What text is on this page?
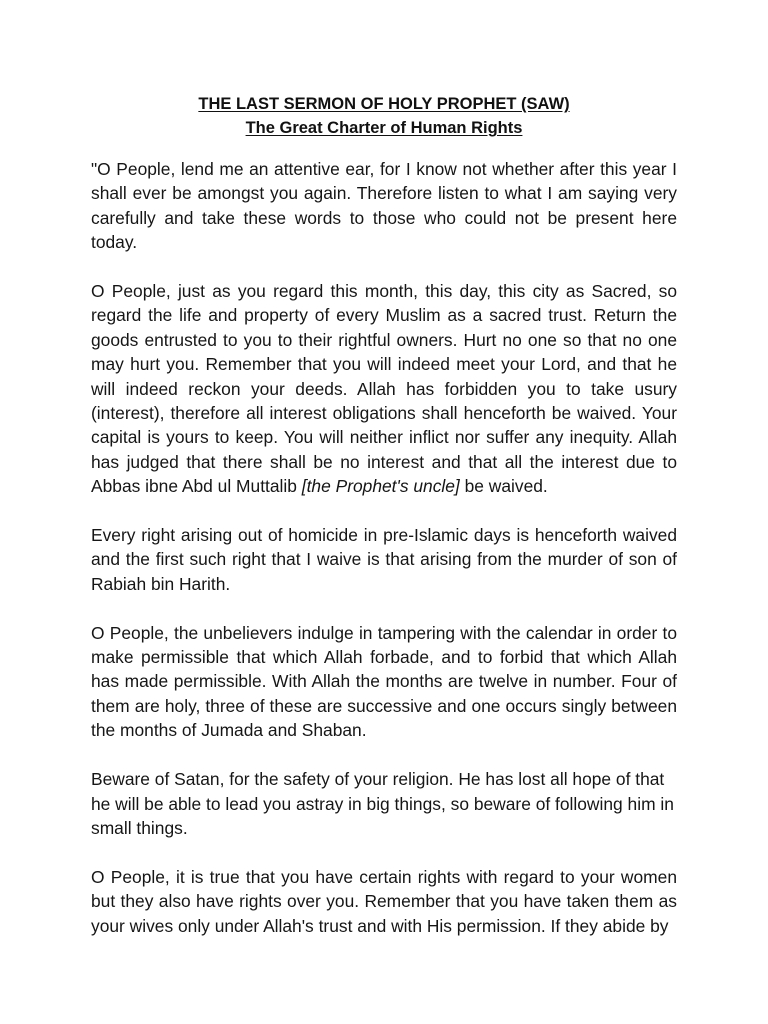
THE LAST SERMON OF HOLY PROPHET (SAW)
The Great Charter of Human Rights

"O People, lend me an attentive ear, for I know not whether after this year I shall ever be amongst you again. Therefore listen to what I am saying very carefully and take these words to those who could not be present here today.

O People, just as you regard this month, this day, this city as Sacred, so regard the life and property of every Muslim as a sacred trust. Return the goods entrusted to you to their rightful owners. Hurt no one so that no one may hurt you. Remember that you will indeed meet your Lord, and that he will indeed reckon your deeds. Allah has forbidden you to take usury (interest), therefore all interest obligations shall henceforth be waived. Your capital is yours to keep. You will neither inflict nor suffer any inequity. Allah has judged that there shall be no interest and that all the interest due to Abbas ibne Abd ul Muttalib [the Prophet's uncle] be waived.

Every right arising out of homicide in pre-Islamic days is henceforth waived and the first such right that I waive is that arising from the murder of son of Rabiah bin Harith.

O People, the unbelievers indulge in tampering with the calendar in order to make permissible that which Allah forbade, and to forbid that which Allah has made permissible. With Allah the months are twelve in number. Four of them are holy, three of these are successive and one occurs singly between the months of Jumada and Shaban.

Beware of Satan, for the safety of your religion. He has lost all hope of that he will be able to lead you astray in big things, so beware of following him in small things.

O People, it is true that you have certain rights with regard to your women but they also have rights over you. Remember that you have taken them as your wives only under Allah's trust and with His permission. If they abide by
